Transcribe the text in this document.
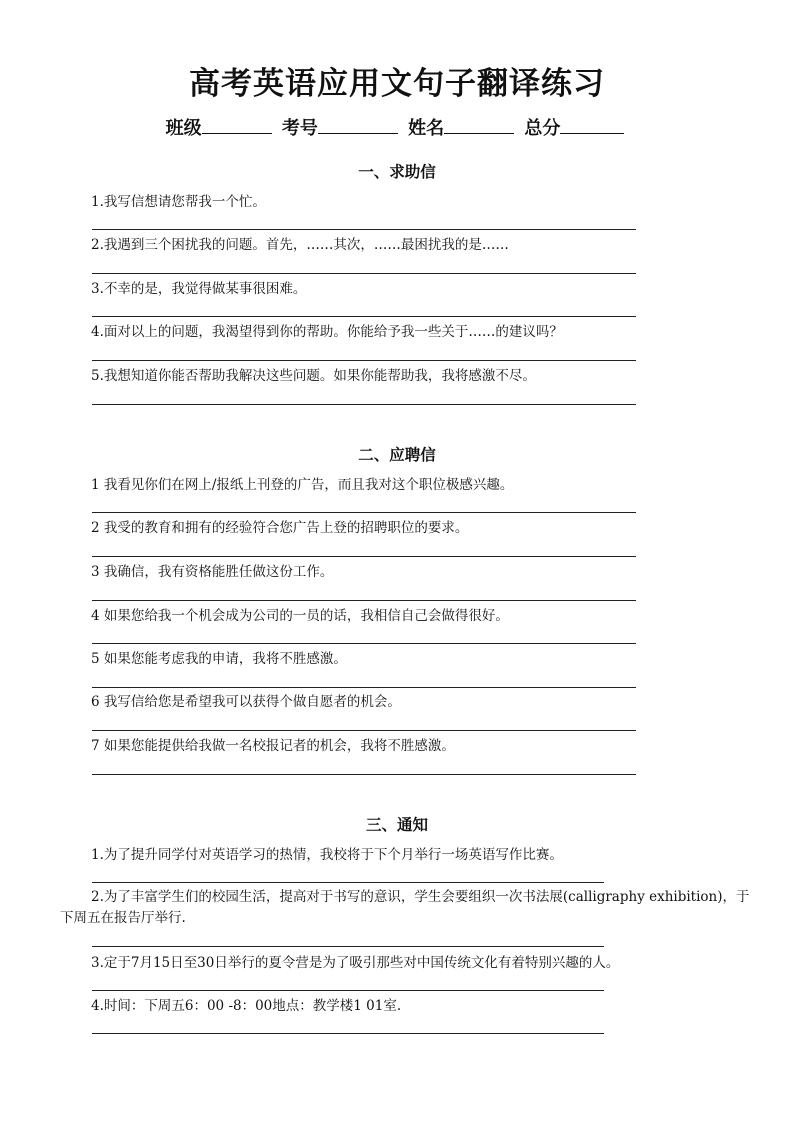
高考英语应用文句子翻译练习
班级	考号	姓名	总分
一、求助信
1.我写信想请您帮我一个忙。
2.我遇到三个困扰我的问题。首先，……其次，……最困扰我的是……
3.不幸的是，我觉得做某事很困难。
4.面对以上的问题，我渴望得到你的帮助。你能给予我一些关于……的建议吗？
5.我想知道你能否帮助我解决这些问题。如果你能帮助我，我将感激不尽。
二、应聘信
1 我看见你们在网上/报纸上刊登的广告，而且我对这个职位极感兴趣。
2 我受的教育和拥有的经验符合您广告上登的招聘职位的要求。
3 我确信，我有资格能胜任做这份工作。
4 如果您给我一个机会成为公司的一员的话，我相信自己会做得很好。
5 如果您能考虑我的申请，我将不胜感激。
6 我写信给您是希望我可以获得个做自愿者的机会。
7 如果您能提供给我做一名校报记者的机会，我将不胜感激。
三、通知
1.为了提升同学付对英语学习的热情，我校将于下个月举行一场英语写作比赛。
2.为了丰富学生们的校园生活，提高对于书写的意识，学生会要组织一次书法展(calligraphy exhibition)，于下周五在报告厅举行.
3.定于7月15日至30日举行的夏令营是为了吸引那些对中国传统文化有着特别兴趣的人。
4.时间：下周五6：00 -8：00地点：教学楼1 01室.
